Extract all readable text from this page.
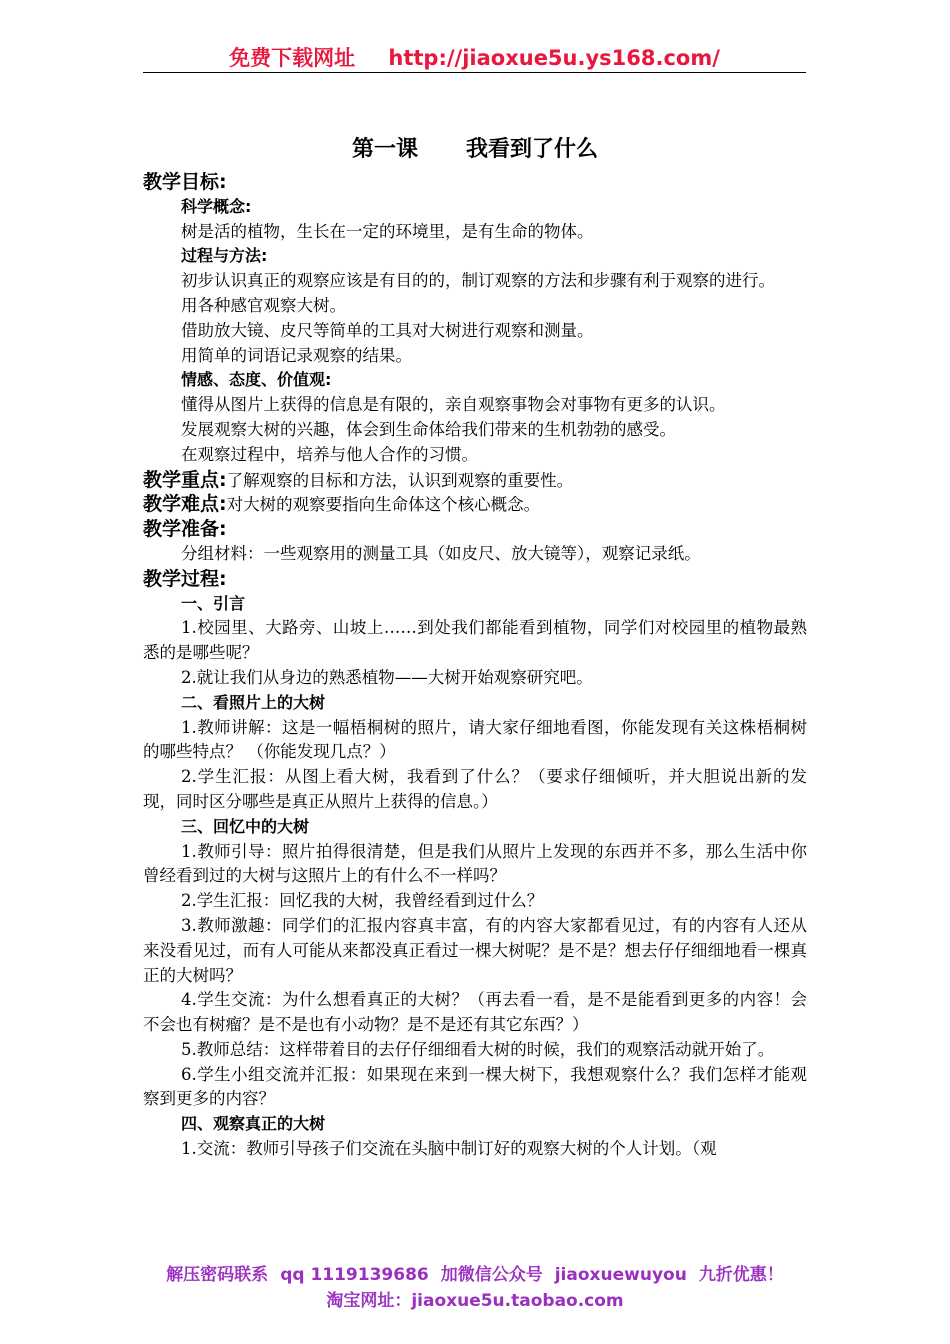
免费下载网址 http://jiaoxue5u.ys168.com/
第一课 我看到了什么
教学目标:
科学概念:
树是活的植物，生长在一定的环境里，是有生命的物体。
过程与方法:
初步认识真正的观察应该是有目的的，制订观察的方法和步骤有利于观察的进行。
用各种感官观察大树。
借助放大镜、皮尺等简单的工具对大树进行观察和测量。
用简单的词语记录观察的结果。
情感、态度、价值观:
懂得从图片上获得的信息是有限的，亲自观察事物会对事物有更多的认识。
发展观察大树的兴趣，体会到生命体给我们带来的生机勃勃的感受。
在观察过程中，培养与他人合作的习惯。
教学重点:了解观察的目标和方法，认识到观察的重要性。
教学难点:对大树的观察要指向生命体这个核心概念。
教学准备:
分组材料：一些观察用的测量工具（如皮尺、放大镜等），观察记录纸。
教学过程:
一、引言
1.校园里、大路旁、山坡上……到处我们都能看到植物，同学们对校园里的植物最熟悉的是哪些呢？
2.就让我们从身边的熟悉植物——大树开始观察研究吧。
二、看照片上的大树
1.教师讲解：这是一幅梧桐树的照片，请大家仔细地看图，你能发现有关这株梧桐树的哪些特点？ （你能发现几点？）
2.学生汇报：从图上看大树，我看到了什么？（要求仔细倾听，并大胆说出新的发现，同时区分哪些是真正从照片上获得的信息。）
三、回忆中的大树
1.教师引导：照片拍得很清楚，但是我们从照片上发现的东西并不多，那么生活中你曾经看到过的大树与这照片上的有什么不一样吗？
2.学生汇报：回忆我的大树，我曾经看到过什么？
3.教师激趣：同学们的汇报内容真丰富，有的内容大家都看见过，有的内容有人还从来没看见过，而有人可能从来都没真正看过一棵大树呢？是不是？想去仔仔细细地看一棵真正的大树吗？
4.学生交流：为什么想看真正的大树？（再去看一看，是不是能看到更多的内容！会不会也有树瘤？是不是也有小动物？是不是还有其它东西？）
5.教师总结：这样带着目的去仔仔细细看大树的时候，我们的观察活动就开始了。
6.学生小组交流并汇报：如果现在来到一棵大树下，我想观察什么？我们怎样才能观察到更多的内容？
四、观察真正的大树
1.交流：教师引导孩子们交流在头脑中制订好的观察大树的个人计划。（观
解压密码联系 qq 1119139686 加微信公众号 jiaoxuewuyou 九折优惠！
淘宝网址：jiaoxue5u.taobao.com
